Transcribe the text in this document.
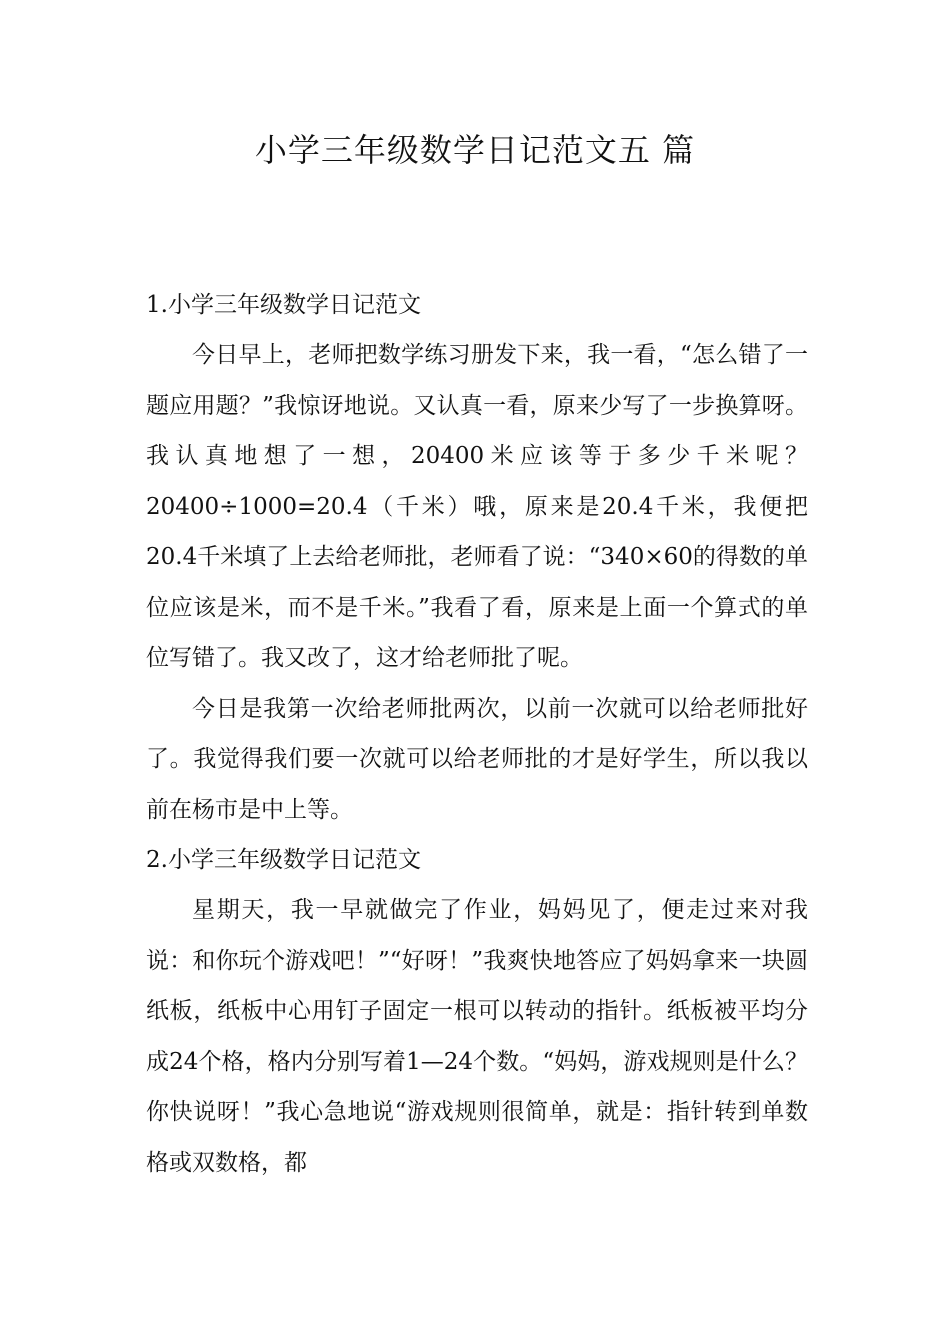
小学三年级数学日记范文五 篇
1.小学三年级数学日记范文

今日早上，老师把数学练习册发下来，我一看，“怎么错了一题应用题？”我惊讶地说。又认真一看，原来少写了一步换算呀。我认真地想了一想，20400米应该等于多少千米呢？20400÷1000=20.4（千米）哦，原来是20.4千米，我便把20.4千米填了上去给老师批，老师看了说：“340×60的得数的单位应该是米，而不是千米。”我看了看，原来是上面一个算式的单位写错了。我又改了，这才给老师批了呢。

今日是我第一次给老师批两次，以前一次就可以给老师批好了。我觉得我们要一次就可以给老师批的才是好学生，所以我以前在杨市是中上等。

2.小学三年级数学日记范文

星期天，我一早就做完了作业，妈妈见了，便走过来对我说：和你玩个游戏吧！”“好呀！”我爽快地答应了妈妈拿来一块圆纸板，纸板中心用钉子固定一根可以转动的指针。纸板被平均分成24个格，格内分别写着1—24个数。“妈妈，游戏规则是什么？你快说呀！”我心急地说“游戏规则很简单，就是：指针转到单数格或双数格，都
